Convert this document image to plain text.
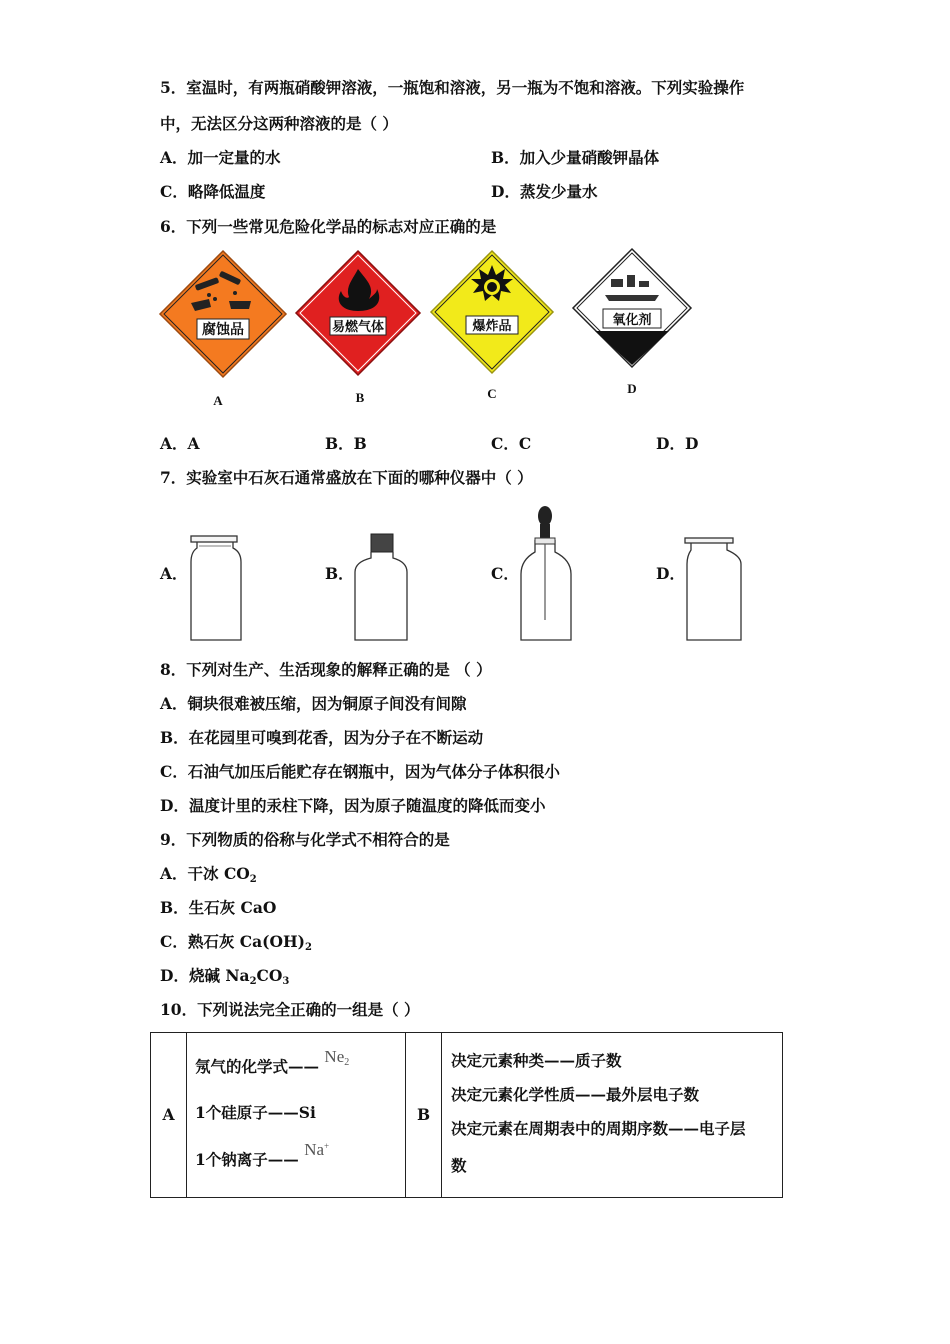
5．室温时，有两瓶硝酸钾溶液，一瓶饱和溶液，另一瓶为不饱和溶液。下列实验操作
中，无法区分这两种溶液的是（ ）
A．加一定量的水	B．加入少量硝酸钾晶体
C．略降低温度	D．蒸发少量水
6．下列一些常见危险化学品的标志对应正确的是
腐蚀品
A
易燃气体
B
爆炸品
C
氧化剂
D
A．A	B．B	C．C	D．D
7．实验室中石灰石通常盛放在下面的哪种仪器中（ ）
A．	B．	C．	D．
8．下列对生产、生活现象的解释正确的是 （ ）
A．铜块很难被压缩，因为铜原子间没有间隙
B．在花园里可嗅到花香，因为分子在不断运动
C．石油气加压后能贮存在钢瓶中，因为气体分子体积很小
D．温度计里的汞柱下降，因为原子随温度的降低而变小
9．下列物质的俗称与化学式不相符合的是
A．干冰 $CO_2$
B．生石灰 CaO
C．熟石灰 $Ca(OH)_2$
D．烧碱 $Na_2CO_3$
10．下列说法完全正确的一组是（ ）
A	
氖气的化学式—— $Ne_2$
1个硅原子——Si
1个钠离子—— Na+
	B	
决定元素种类——质子数
决定元素化学性质——最外层电子数
决定元素在周期表中的周期序数——电子层
数
